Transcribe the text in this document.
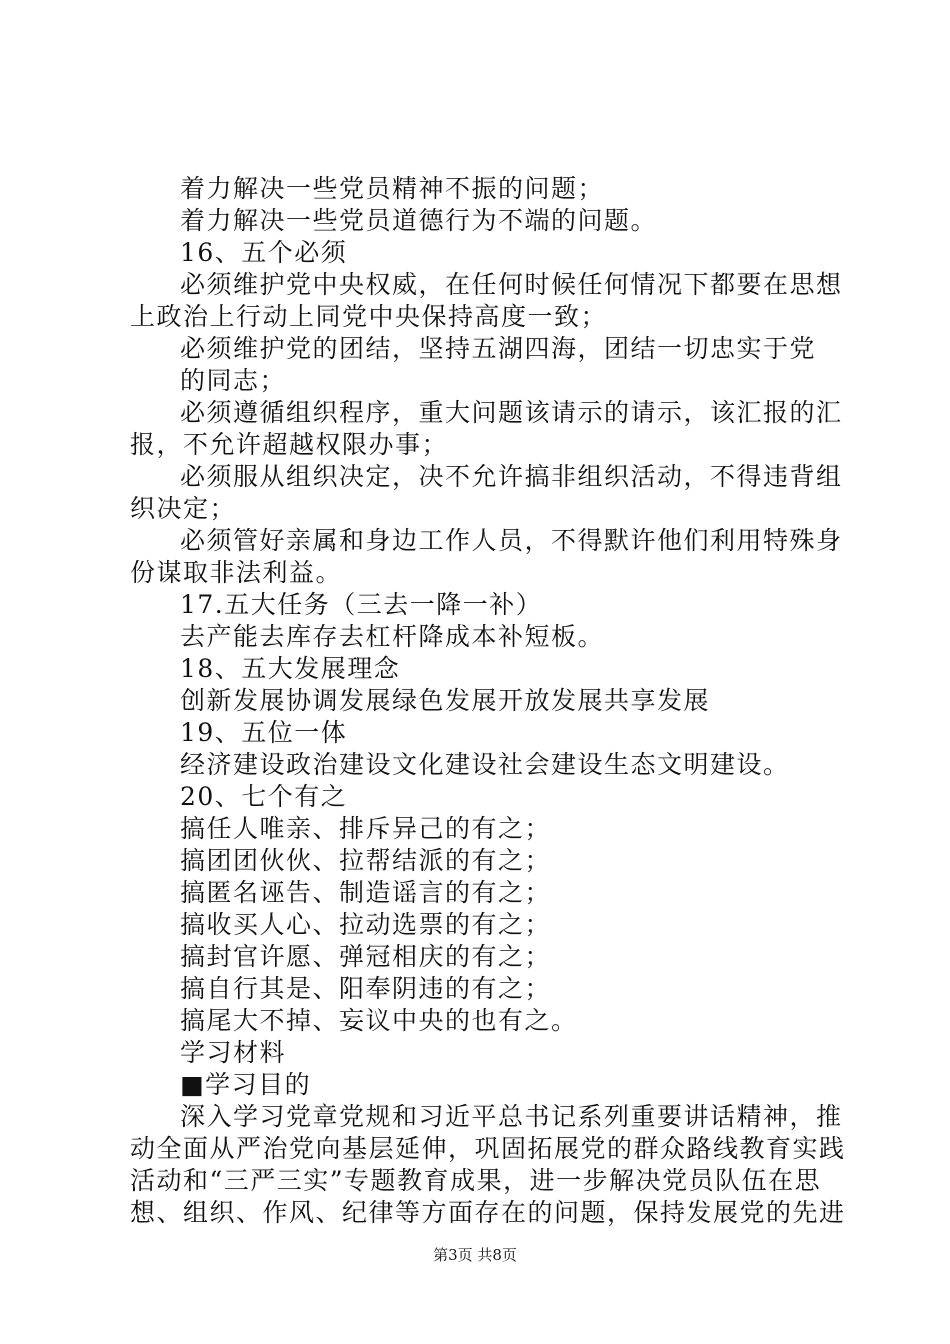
着力解决一些党员精神不振的问题；
着力解决一些党员道德行为不端的问题。
16、五个必须
必须维护党中央权威，在任何时候任何情况下都要在思想
上政治上行动上同党中央保持高度一致；
必须维护党的团结，坚持五湖四海，团结一切忠实于党
的同志；
必须遵循组织程序，重大问题该请示的请示，该汇报的汇
报，不允许超越权限办事；
必须服从组织决定，决不允许搞非组织活动，不得违背组
织决定；
必须管好亲属和身边工作人员，不得默许他们利用特殊身
份谋取非法利益。
17.五大任务（三去一降一补）
去产能去库存去杠杆降成本补短板。
18、五大发展理念
创新发展协调发展绿色发展开放发展共享发展
19、五位一体
经济建设政治建设文化建设社会建设生态文明建设。
20、七个有之
搞任人唯亲、排斥异己的有之；
搞团团伙伙、拉帮结派的有之；
搞匿名诬告、制造谣言的有之；
搞收买人心、拉动选票的有之；
搞封官许愿、弹冠相庆的有之；
搞自行其是、阳奉阴违的有之；
搞尾大不掉、妄议中央的也有之。
学习材料
■学习目的
深入学习党章党规和习近平总书记系列重要讲话精神，推
动全面从严治党向基层延伸，巩固拓展党的群众路线教育实践
活动和“三严三实”专题教育成果，进一步解决党员队伍在思
想、组织、作风、纪律等方面存在的问题，保持发展党的先进
第3页 共8页
